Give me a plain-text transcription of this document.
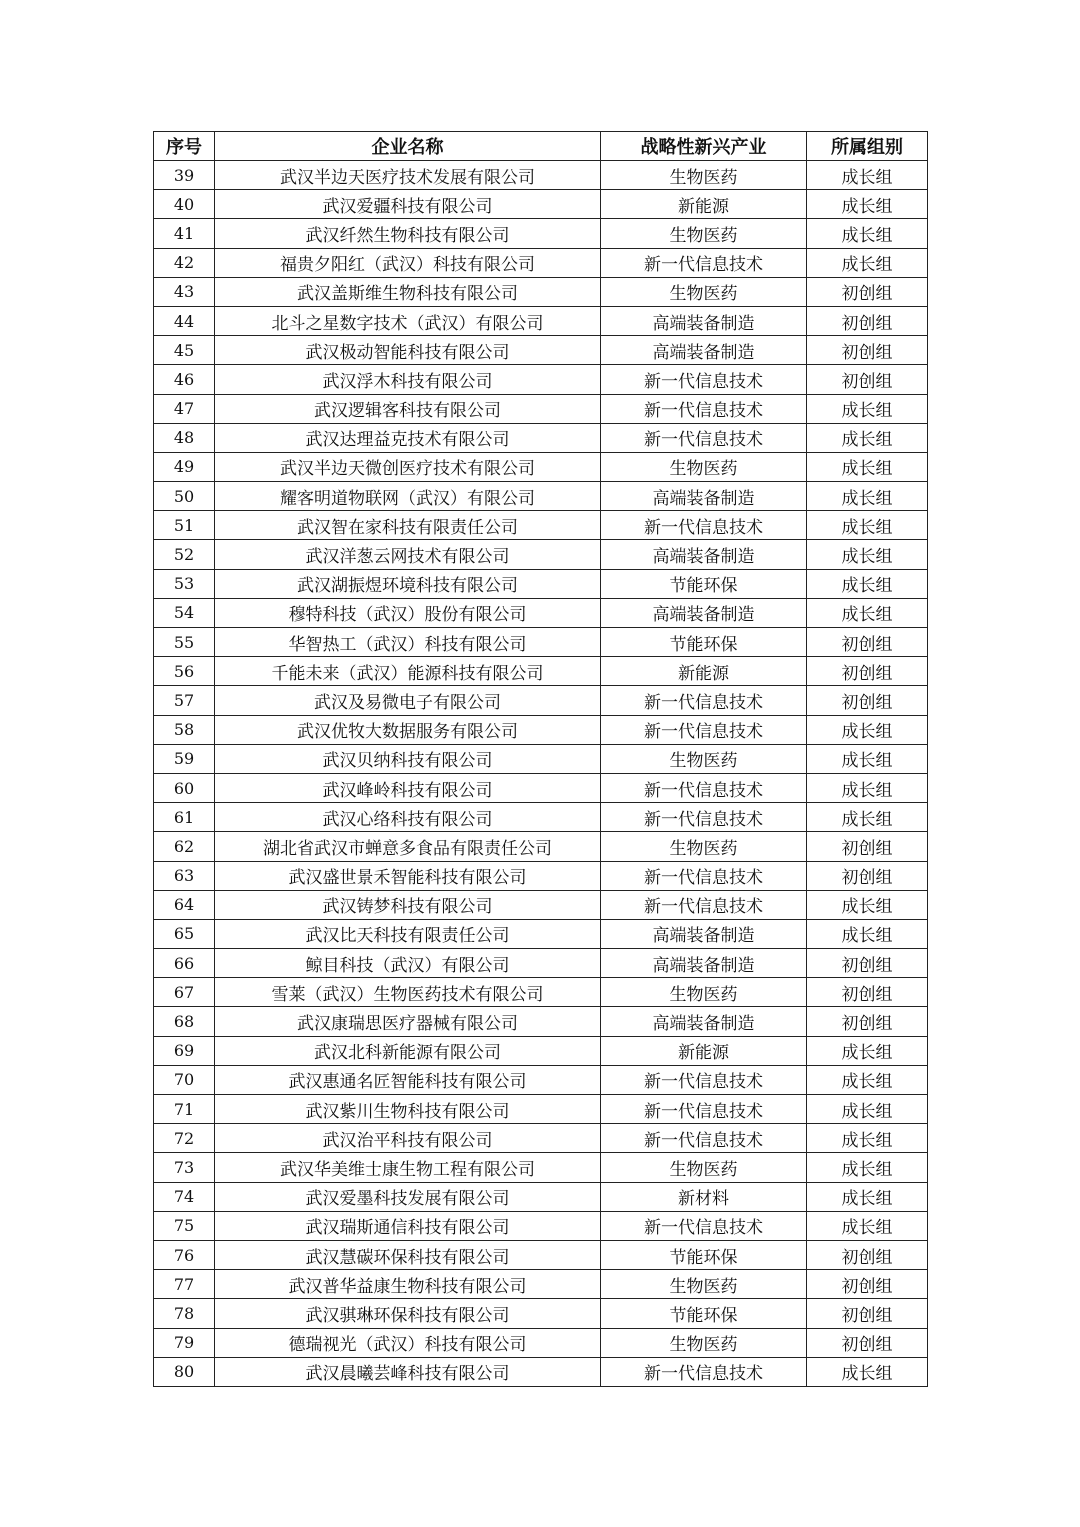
序号	企业名称	战略性新兴产业	所属组别
39	武汉半边天医疗技术发展有限公司	生物医药	成长组
40	武汉爱疆科技有限公司	新能源	成长组
41	武汉纤然生物科技有限公司	生物医药	成长组
42	福贵夕阳红（武汉）科技有限公司	新一代信息技术	成长组
43	武汉盖斯维生物科技有限公司	生物医药	初创组
44	北斗之星数字技术（武汉）有限公司	高端装备制造	初创组
45	武汉极动智能科技有限公司	高端装备制造	初创组
46	武汉浮木科技有限公司	新一代信息技术	初创组
47	武汉逻辑客科技有限公司	新一代信息技术	成长组
48	武汉达理益克技术有限公司	新一代信息技术	成长组
49	武汉半边天微创医疗技术有限公司	生物医药	成长组
50	耀客明道物联网（武汉）有限公司	高端装备制造	成长组
51	武汉智在家科技有限责任公司	新一代信息技术	成长组
52	武汉洋葱云网技术有限公司	高端装备制造	成长组
53	武汉湖振煜环境科技有限公司	节能环保	成长组
54	穆特科技（武汉）股份有限公司	高端装备制造	成长组
55	华智热工（武汉）科技有限公司	节能环保	初创组
56	千能未来（武汉）能源科技有限公司	新能源	初创组
57	武汉及易微电子有限公司	新一代信息技术	初创组
58	武汉优牧大数据服务有限公司	新一代信息技术	成长组
59	武汉贝纳科技有限公司	生物医药	成长组
60	武汉峰岭科技有限公司	新一代信息技术	成长组
61	武汉心络科技有限公司	新一代信息技术	成长组
62	湖北省武汉市蝉意多食品有限责任公司	生物医药	初创组
63	武汉盛世景禾智能科技有限公司	新一代信息技术	初创组
64	武汉铸梦科技有限公司	新一代信息技术	成长组
65	武汉比天科技有限责任公司	高端装备制造	成长组
66	鲸目科技（武汉）有限公司	高端装备制造	初创组
67	雪莱（武汉）生物医药技术有限公司	生物医药	初创组
68	武汉康瑞思医疗器械有限公司	高端装备制造	初创组
69	武汉北科新能源有限公司	新能源	成长组
70	武汉惠通名匠智能科技有限公司	新一代信息技术	成长组
71	武汉紫川生物科技有限公司	新一代信息技术	成长组
72	武汉治平科技有限公司	新一代信息技术	成长组
73	武汉华美维士康生物工程有限公司	生物医药	成长组
74	武汉爱墨科技发展有限公司	新材料	成长组
75	武汉瑞斯通信科技有限公司	新一代信息技术	成长组
76	武汉慧碳环保科技有限公司	节能环保	初创组
77	武汉普华益康生物科技有限公司	生物医药	初创组
78	武汉骐琳环保科技有限公司	节能环保	初创组
79	德瑞视光（武汉）科技有限公司	生物医药	初创组
80	武汉晨曦芸峰科技有限公司	新一代信息技术	成长组
